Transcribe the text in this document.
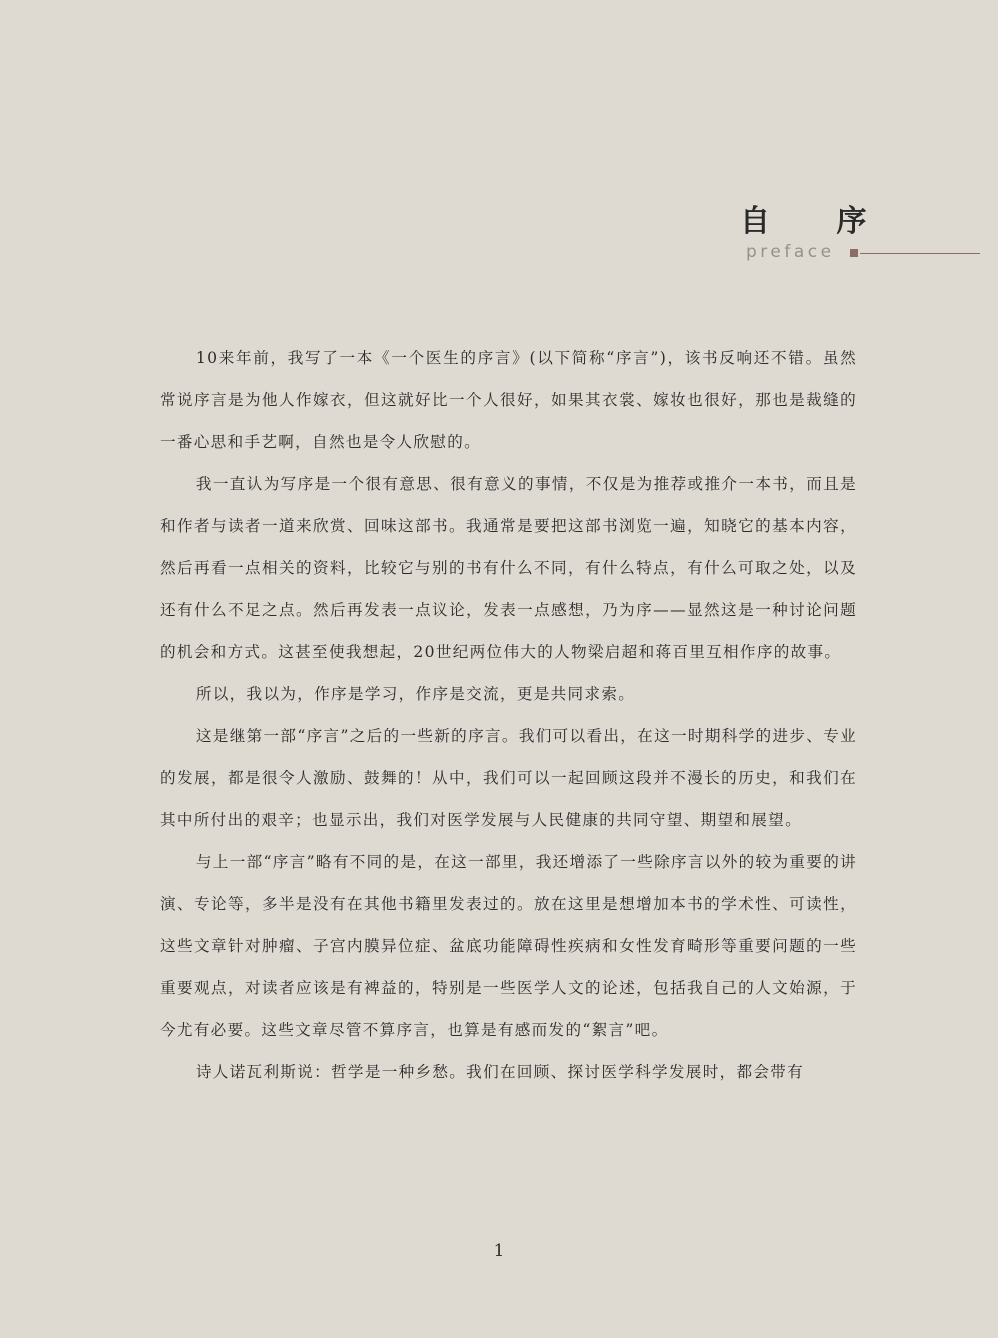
自 序
preface

10来年前，我写了一本《一个医生的序言》(以下简称“序言”)，该书反响还不错。虽然常说序言是为他人作嫁衣，但这就好比一个人很好，如果其衣裳、嫁妆也很好，那也是裁缝的一番心思和手艺啊，自然也是令人欣慰的。

我一直认为写序是一个很有意思、很有意义的事情，不仅是为推荐或推介一本书，而且是和作者与读者一道来欣赏、回味这部书。我通常是要把这部书浏览一遍，知晓它的基本内容，然后再看一点相关的资料，比较它与别的书有什么不同，有什么特点，有什么可取之处，以及还有什么不足之点。然后再发表一点议论，发表一点感想，乃为序——显然这是一种讨论问题的机会和方式。这甚至使我想起，20世纪两位伟大的人物梁启超和蒋百里互相作序的故事。

所以，我以为，作序是学习，作序是交流，更是共同求索。

这是继第一部“序言”之后的一些新的序言。我们可以看出，在这一时期科学的进步、专业的发展，都是很令人激励、鼓舞的！从中，我们可以一起回顾这段并不漫长的历史，和我们在其中所付出的艰辛；也显示出，我们对医学发展与人民健康的共同守望、期望和展望。

与上一部“序言”略有不同的是，在这一部里，我还增添了一些除序言以外的较为重要的讲演、专论等，多半是没有在其他书籍里发表过的。放在这里是想增加本书的学术性、可读性，这些文章针对肿瘤、子宫内膜异位症、盆底功能障碍性疾病和女性发育畸形等重要问题的一些重要观点，对读者应该是有裨益的，特别是一些医学人文的论述，包括我自己的人文始源，于今尤有必要。这些文章尽管不算序言，也算是有感而发的“絮言”吧。

诗人诺瓦利斯说：哲学是一种乡愁。我们在回顾、探讨医学科学发展时，都会带有

1
